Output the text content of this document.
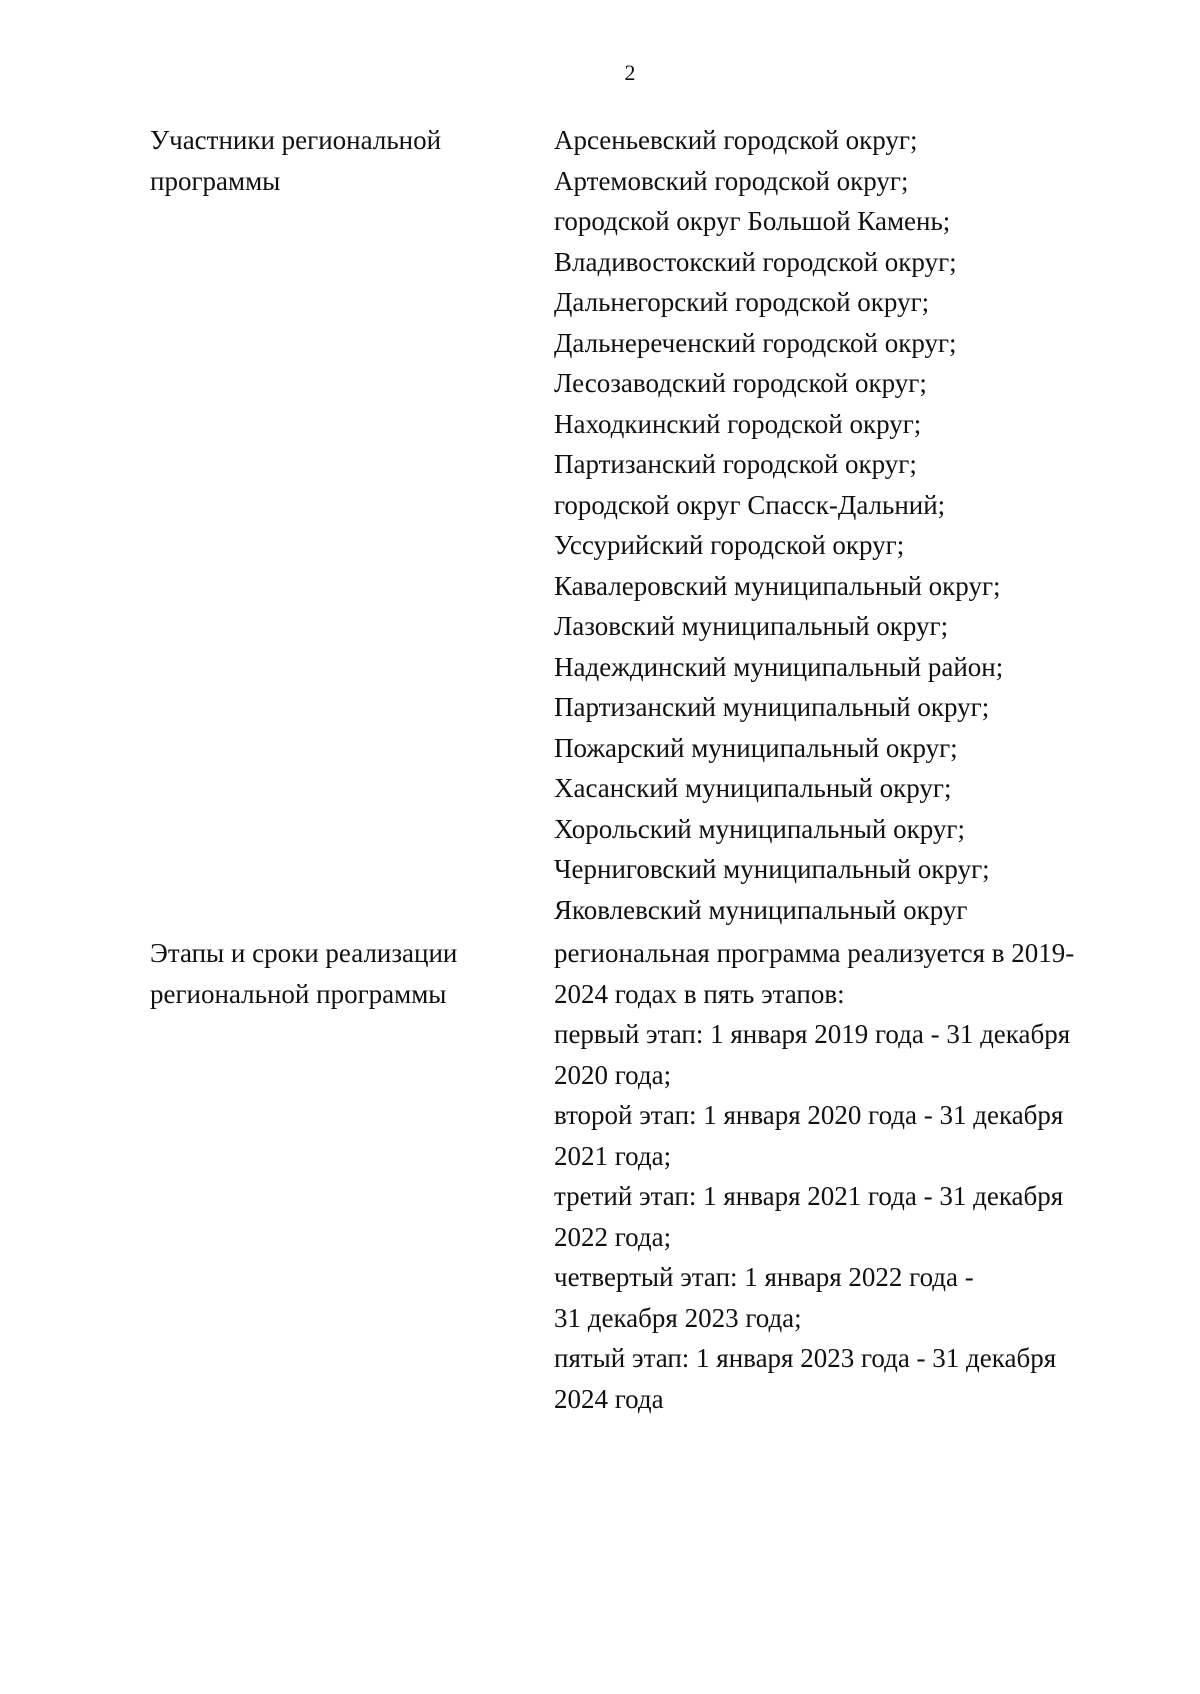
2
Участники региональной
программы
Арсеньевский городской округ;
Артемовский городской округ;
городской округ Большой Камень;
Владивостокский городской округ;
Дальнегорский городской округ;
Дальнереченский городской округ;
Лесозаводский городской округ;
Находкинский городской округ;
Партизанский городской округ;
городской округ Спасск-Дальний;
Уссурийский городской округ;
Кавалеровский муниципальный округ;
Лазовский муниципальный округ;
Надеждинский муниципальный район;
Партизанский муниципальный округ;
Пожарский муниципальный округ;
Хасанский муниципальный округ;
Хорольский муниципальный округ;
Черниговский муниципальный округ;
Яковлевский муниципальный округ
Этапы и сроки реализации
региональной программы
региональная программа реализуется в 2019-
2024 годах в пять этапов:
первый этап: 1 января 2019 года - 31 декабря
2020 года;
второй этап: 1 января 2020 года - 31 декабря
2021 года;
третий этап: 1 января 2021 года - 31 декабря
2022 года;
четвертый этап: 1 января 2022 года -
31 декабря 2023 года;
пятый этап: 1 января 2023 года - 31 декабря
2024 года
